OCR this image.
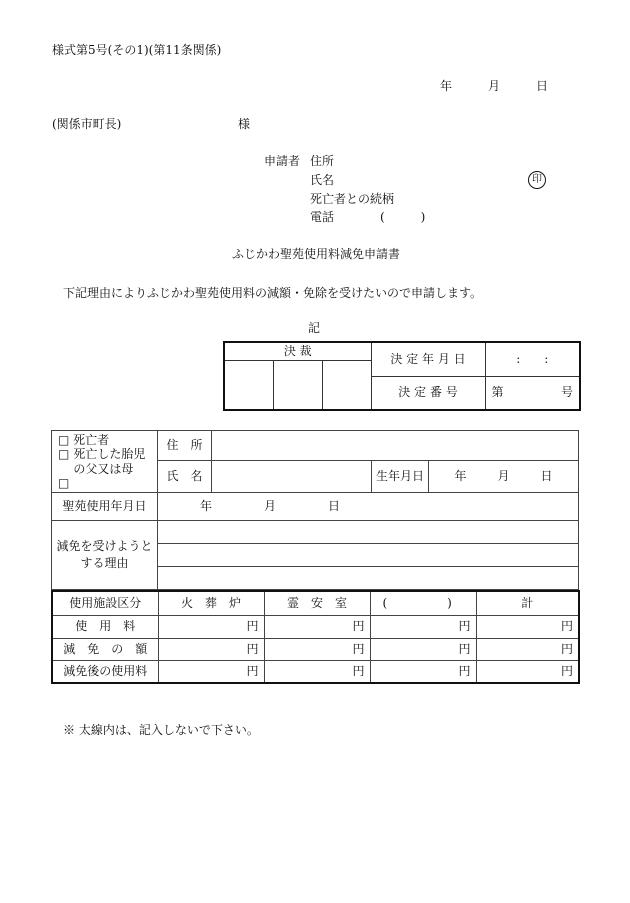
様式第5号(その1)(第11条関係)
年	月	日
(関係市町長)	様
申請者 住所
氏名	印
死亡者との続柄
電話	(　　　)
ふじかわ聖苑使用料減免申請書
下記理由によりふじかわ聖苑使用料の減額・免除を受けたいので申請します。
記
決 裁			決 定 年 月 日	:　　:

			決 定 番 号	第 号
□ 死亡者
□ 死亡した胎児の父又は母
□	住　所			
	氏　名		生年月日	年 月 日

聖苑使用年月日	年 月 日			

減免を受けようとする理由				

使用施設区分	火　葬　炉	霊　安　室	(　　　　　)	計
使　用　料	円	円	円	円
減　免　の　額	円	円	円	円
減免後の使用料	円	円	円	円
※ 太線内は、記入しないで下さい。
